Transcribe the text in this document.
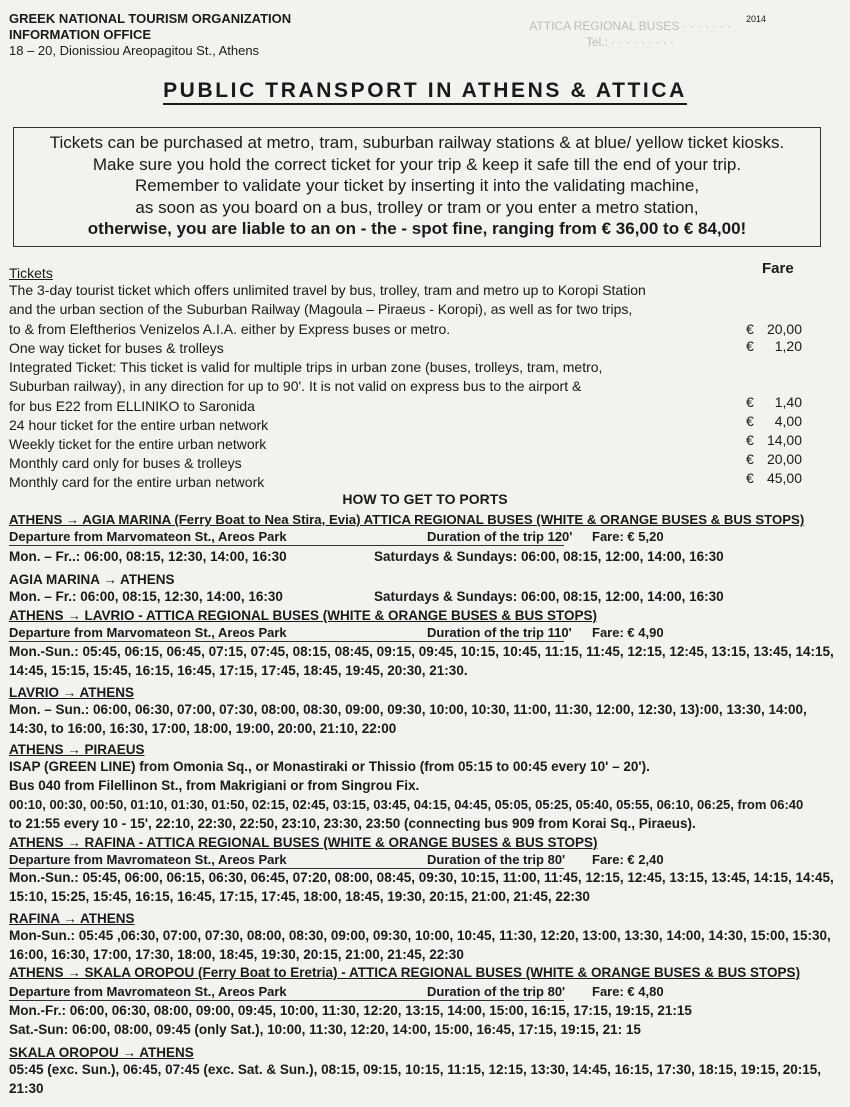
ATTICA REGIONAL BUSES · · · · · · ·
Tel.: · · · · · · · · ·
GREEK NATIONAL TOURISM ORGANIZATION
INFORMATION OFFICE
18 – 20, Dionissiou Areopagitou St., Athens
2014
PUBLIC TRANSPORT IN ATHENS & ATTICA
Tickets can be purchased at metro, tram, suburban railway stations & at blue/ yellow ticket kiosks.
Make sure you hold the correct ticket for your trip & keep it safe till the end of your trip.
Remember to validate your ticket by inserting it into the validating machine,
as soon as you board on a bus, trolley or tram or you enter a metro station,
otherwise, you are liable to an on - the - spot fine, ranging from € 36,00 to € 84,00!
Tickets	Fare
The 3-day tourist ticket which offers unlimited travel by bus, trolley, tram and metro up to Koropi Station
and the urban section of the Suburban Railway (Magoula – Piraeus - Koropi), as well as for two trips,
to & from Eleftherios Venizelos A.I.A. either by Express buses or metro.	€ 20,00
One way ticket for buses & trolleys	€ 1,20
Integrated Ticket: This ticket is valid for multiple trips in urban zone (buses, trolleys, tram, metro,
Suburban railway), in any direction for up to 90'. It is not valid on express bus to the airport &
for bus E22 from ELLINIKO to Saronida	€ 1,40
24 hour ticket for the entire urban network	€ 4,00
Weekly ticket for the entire urban network	€ 14,00
Monthly card only for buses & trolleys	€ 20,00
Monthly card for the entire urban network	€ 45,00
HOW TO GET TO PORTS
ATHENS → AGIA MARINA (Ferry Boat to Nea Stira, Evia) ATTICA REGIONAL BUSES (WHITE & ORANGE BUSES & BUS STOPS)
Departure from Marvomateon St., Areos Park	Duration of the trip 120' Fare: € 5,20
Mon. – Fr..: 06:00, 08:15, 12:30, 14:00, 16:30	Saturdays & Sundays: 06:00, 08:15, 12:00, 14:00, 16:30
AGIA MARINA → ATHENS
Mon. – Fr.: 06:00, 08:15, 12:30, 14:00, 16:30	Saturdays & Sundays: 06:00, 08:15, 12:00, 14:00, 16:30
ATHENS → LAVRIO - ATTICA REGIONAL BUSES (WHITE & ORANGE BUSES & BUS STOPS)
Departure from Marvomateon St., Areos Park	Duration of the trip 110' Fare: € 4,90
Mon.-Sun.: 05:45, 06:15, 06:45, 07:15, 07:45, 08:15, 08:45, 09:15, 09:45, 10:15, 10:45, 11:15, 11:45, 12:15, 12:45, 13:15, 13:45, 14:15,
14:45, 15:15, 15:45, 16:15, 16:45, 17:15, 17:45, 18:45, 19:45, 20:30, 21:30.
LAVRIO → ATHENS
Mon. – Sun.: 06:00, 06:30, 07:00, 07:30, 08:00, 08:30, 09:00, 09:30, 10:00, 10:30, 11:00, 11:30, 12:00, 12:30, 13):00, 13:30, 14:00,
14:30, to 16:00, 16:30, 17:00, 18:00, 19:00, 20:00, 21:10, 22:00
ATHENS → PIRAEUS
ISAP (GREEN LINE) from Omonia Sq., or Monastiraki or Thissio (from 05:15 to 00:45 every 10' – 20').
Bus 040 from Filellinon St., from Makrigiani or from Singrou Fix.
00:10, 00:30, 00:50, 01:10, 01:30, 01:50, 02:15, 02:45, 03:15, 03:45, 04:15, 04:45, 05:05, 05:25, 05:40, 05:55, 06:10, 06:25, from 06:40
to 21:55 every 10 - 15', 22:10, 22:30, 22:50, 23:10, 23:30, 23:50 (connecting bus 909 from Korai Sq., Piraeus).
ATHENS → RAFINA - ATTICA REGIONAL BUSES (WHITE & ORANGE BUSES & BUS STOPS)
Departure from Mavromateon St., Areos Park	Duration of the trip 80' Fare: € 2,40
Mon.-Sun.: 05:45, 06:00, 06:15, 06:30, 06:45, 07:20, 08:00, 08:45, 09:30, 10:15, 11:00, 11:45, 12:15, 12:45, 13:15, 13:45, 14:15, 14:45,
15:10, 15:25, 15:45, 16:15, 16:45, 17:15, 17:45, 18:00, 18:45, 19:30, 20:15, 21:00, 21:45, 22:30
RAFINA → ATHENS
Mon-Sun.: 05:45 ,06:30, 07:00, 07:30, 08:00, 08:30, 09:00, 09:30, 10:00, 10:45, 11:30, 12:20, 13:00, 13:30, 14:00, 14:30, 15:00, 15:30,
16:00, 16:30, 17:00, 17:30, 18:00, 18:45, 19:30, 20:15, 21:00, 21:45, 22:30
ATHENS → SKALA OROPOU (Ferry Boat to Eretria) - ATTICA REGIONAL BUSES (WHITE & ORANGE BUSES & BUS STOPS)
Departure from Mavromateon St., Areos Park	Duration of the trip 80' Fare: € 4,80
Mon.-Fr.: 06:00, 06:30, 08:00, 09:00, 09:45, 10:00, 11:30, 12:20, 13:15, 14:00, 15:00, 16:15, 17:15, 19:15, 21:15
Sat.-Sun: 06:00, 08:00, 09:45 (only Sat.), 10:00, 11:30, 12:20, 14:00, 15:00, 16:45, 17:15, 19:15, 21: 15
SKALA OROPOU → ATHENS
05:45 (exc. Sun.), 06:45, 07:45 (exc. Sat. & Sun.), 08:15, 09:15, 10:15, 11:15, 12:15, 13:30, 14:45, 16:15, 17:30, 18:15, 19:15, 20:15,
21:30
